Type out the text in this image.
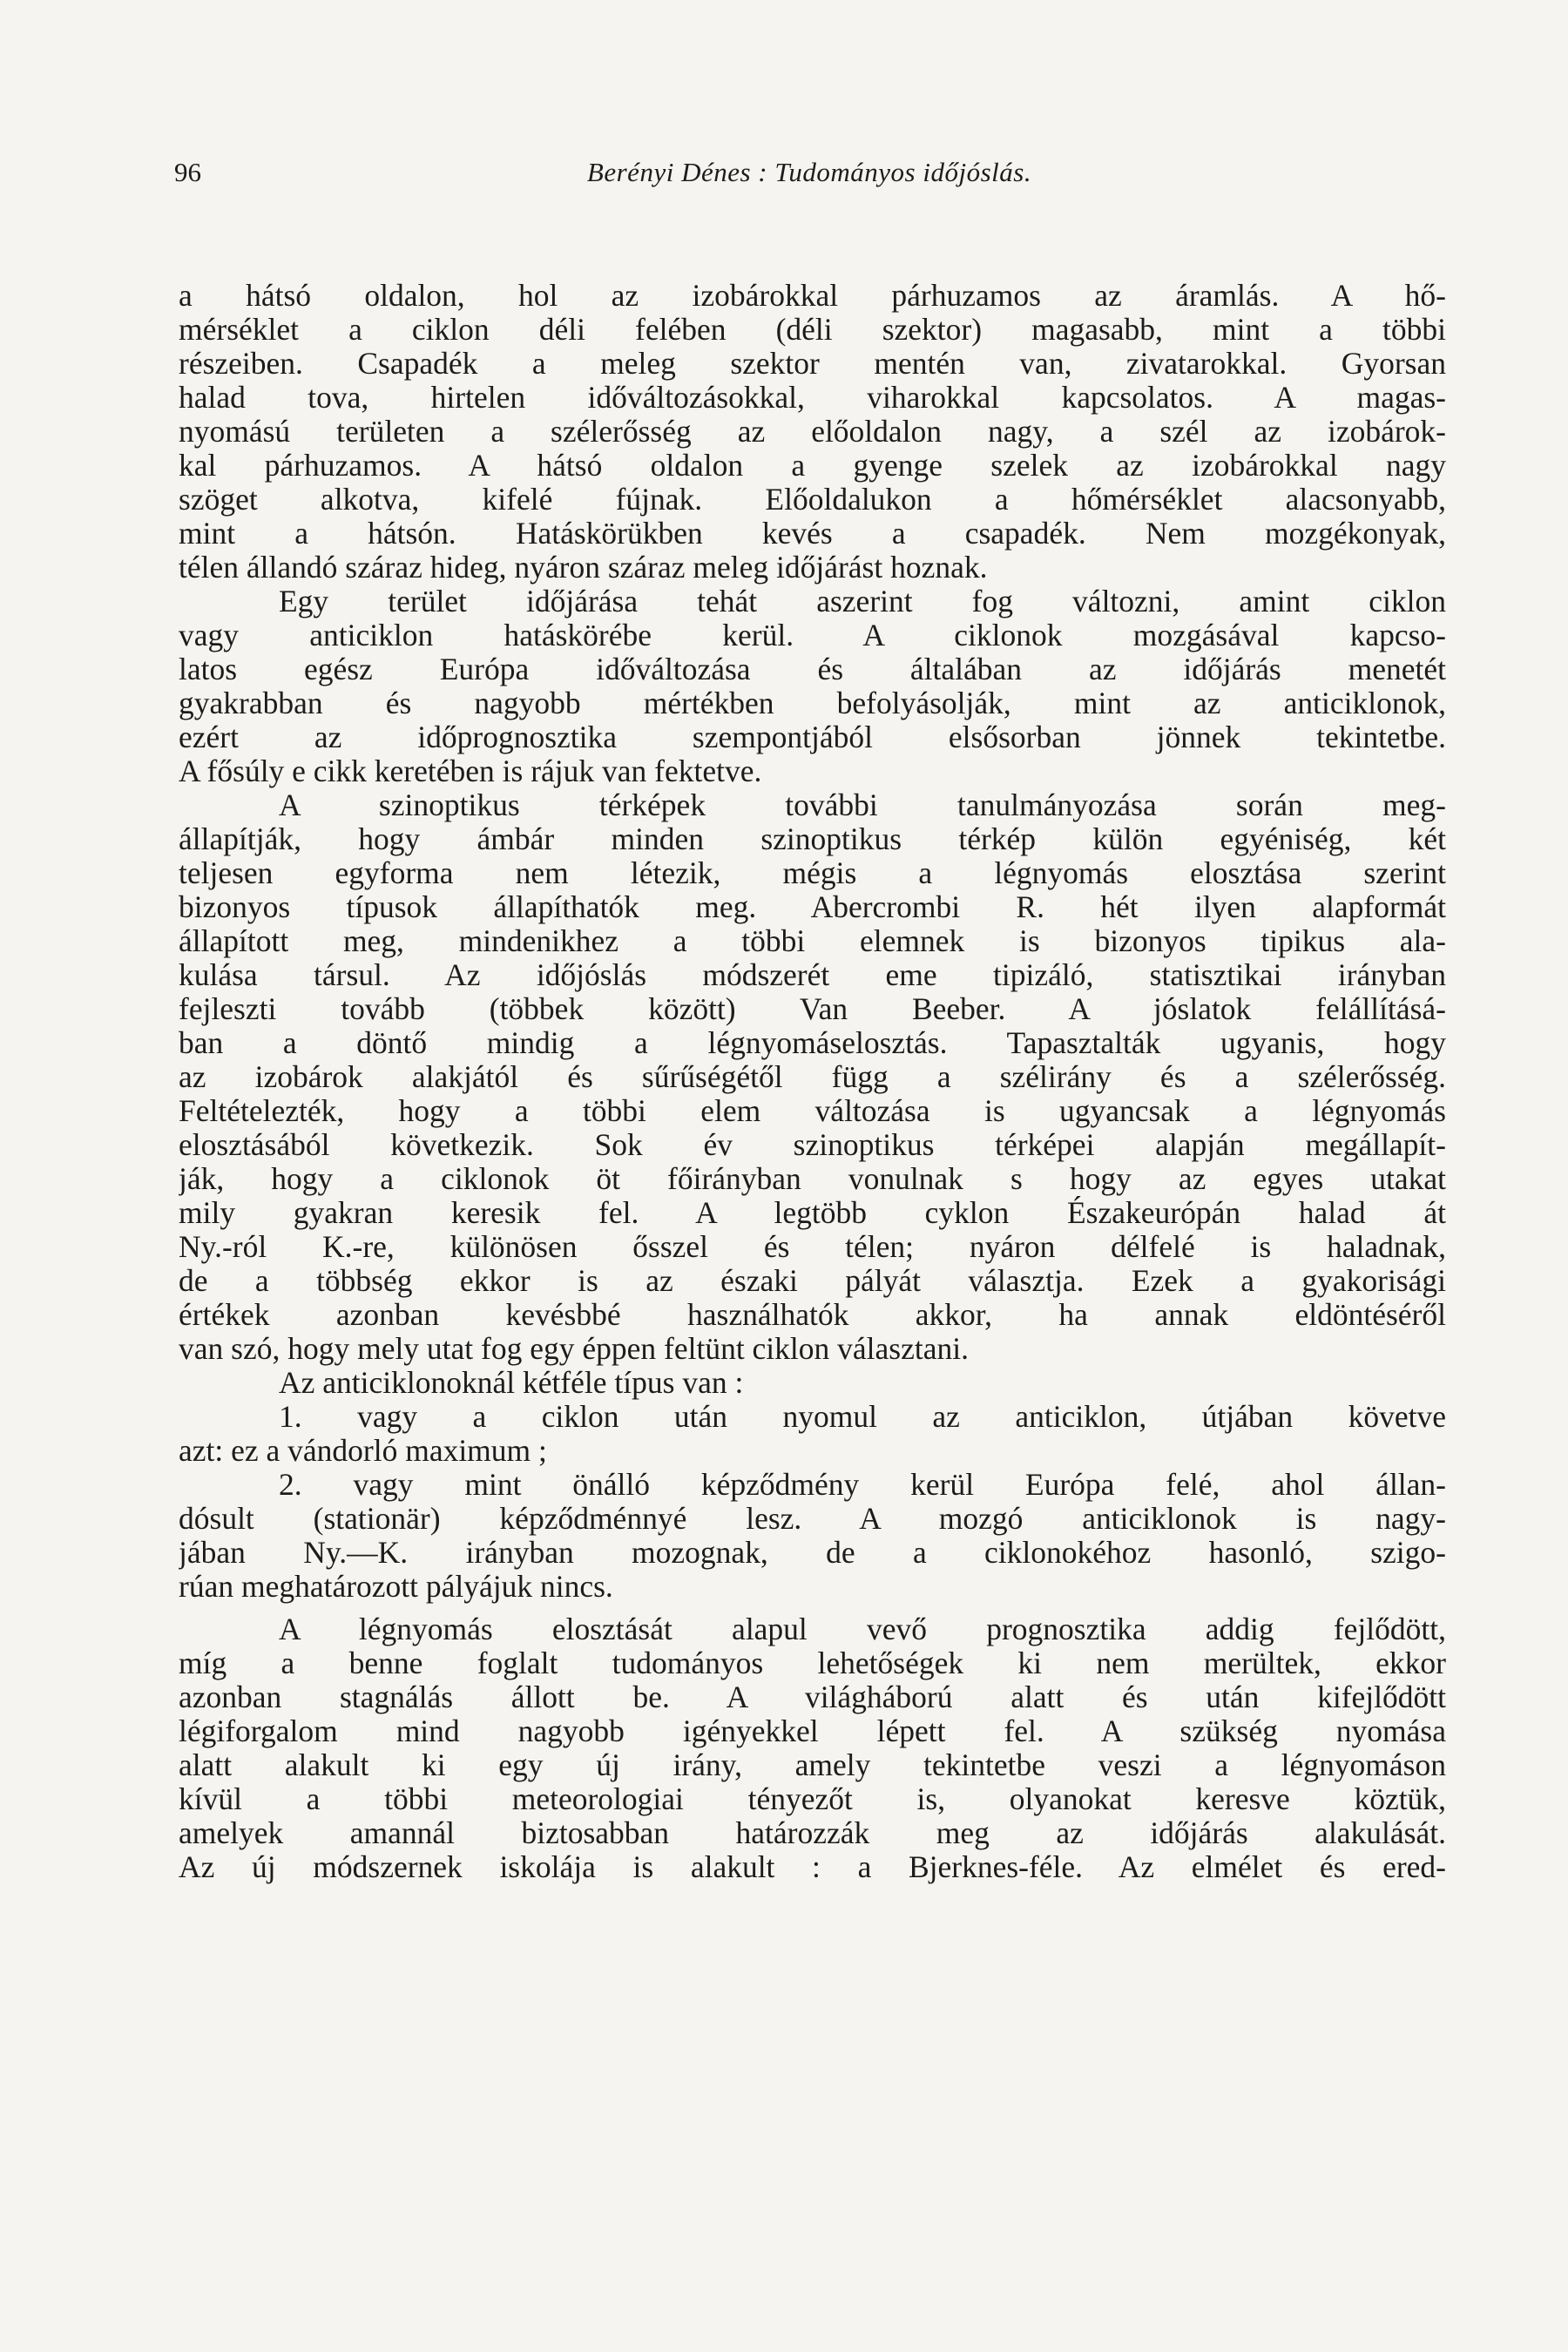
96	Berényi Dénes : Tudományos időjóslás.
a hátsó oldalon, hol az izobárokkal párhuzamos az áramlás. A hő-
mérséklet a ciklon déli felében (déli szektor) magasabb, mint a többi
részeiben. Csapadék a meleg szektor mentén van, zivatarokkal. Gyorsan
halad tova, hirtelen időváltozásokkal, viharokkal kapcsolatos. A magas-
nyomású területen a szélerősség az előoldalon nagy, a szél az izobárok-
kal párhuzamos. A hátsó oldalon a gyenge szelek az izobárokkal nagy
szöget alkotva, kifelé fújnak. Előoldalukon a hőmérséklet alacsonyabb,
mint a hátsón. Hatáskörükben kevés a csapadék. Nem mozgékonyak,
télen állandó száraz hideg, nyáron száraz meleg időjárást hoznak.
Egy terület időjárása tehát aszerint fog változni, amint ciklon
vagy anticiklon hatáskörébe kerül. A ciklonok mozgásával kapcso-
latos egész Európa időváltozása és általában az időjárás menetét
gyakrabban és nagyobb mértékben befolyásolják, mint az anticiklonok,
ezért az időprognosztika szempontjából elsősorban jönnek tekintetbe.
A fősúly e cikk keretében is rájuk van fektetve.
A szinoptikus térképek további tanulmányozása során meg-
állapítják, hogy ámbár minden szinoptikus térkép külön egyéniség, két
teljesen egyforma nem létezik, mégis a légnyomás elosztása szerint
bizonyos típusok állapíthatók meg. Abercrombi R. hét ilyen alapformát
állapított meg, mindenikhez a többi elemnek is bizonyos tipikus ala-
kulása társul. Az időjóslás módszerét eme tipizáló, statisztikai irányban
fejleszti tovább (többek között) Van Beeber. A jóslatok felállításá-
ban a döntő mindig a légnyomáselosztás. Tapasztalták ugyanis, hogy
az izobárok alakjától és sűrűségétől függ a szélirány és a szélerősség.
Feltételezték, hogy a többi elem változása is ugyancsak a légnyomás
elosztásából következik. Sok év szinoptikus térképei alapján megállapít-
ják, hogy a ciklonok öt főirányban vonulnak s hogy az egyes utakat
mily gyakran keresik fel. A legtöbb cyklon Északeurópán halad át
Ny.-ról K.-re, különösen ősszel és télen; nyáron délfelé is haladnak,
de a többség ekkor is az északi pályát választja. Ezek a gyakorisági
értékek azonban kevésbbé használhatók akkor, ha annak eldöntéséről
van szó, hogy mely utat fog egy éppen feltünt ciklon választani.
Az anticiklonoknál kétféle típus van :
1. vagy a ciklon után nyomul az anticiklon, útjában követve
azt: ez a vándorló maximum ;
2. vagy mint önálló képződmény kerül Európa felé, ahol állan-
dósult (stationär) képződménnyé lesz. A mozgó anticiklonok is nagy-
jában Ny.—K. irányban mozognak, de a ciklonokéhoz hasonló, szigo-
rúan meghatározott pályájuk nincs.
A légnyomás elosztását alapul vevő prognosztika addig fejlődött,
míg a benne foglalt tudományos lehetőségek ki nem merültek, ekkor
azonban stagnálás állott be. A világháború alatt és után kifejlődött
légiforgalom mind nagyobb igényekkel lépett fel. A szükség nyomása
alatt alakult ki egy új irány, amely tekintetbe veszi a légnyomáson
kívül a többi meteorologiai tényezőt is, olyanokat keresve köztük,
amelyek amannál biztosabban határozzák meg az időjárás alakulását.
Az új módszernek iskolája is alakult : a Bjerknes-féle. Az elmélet és ered-
